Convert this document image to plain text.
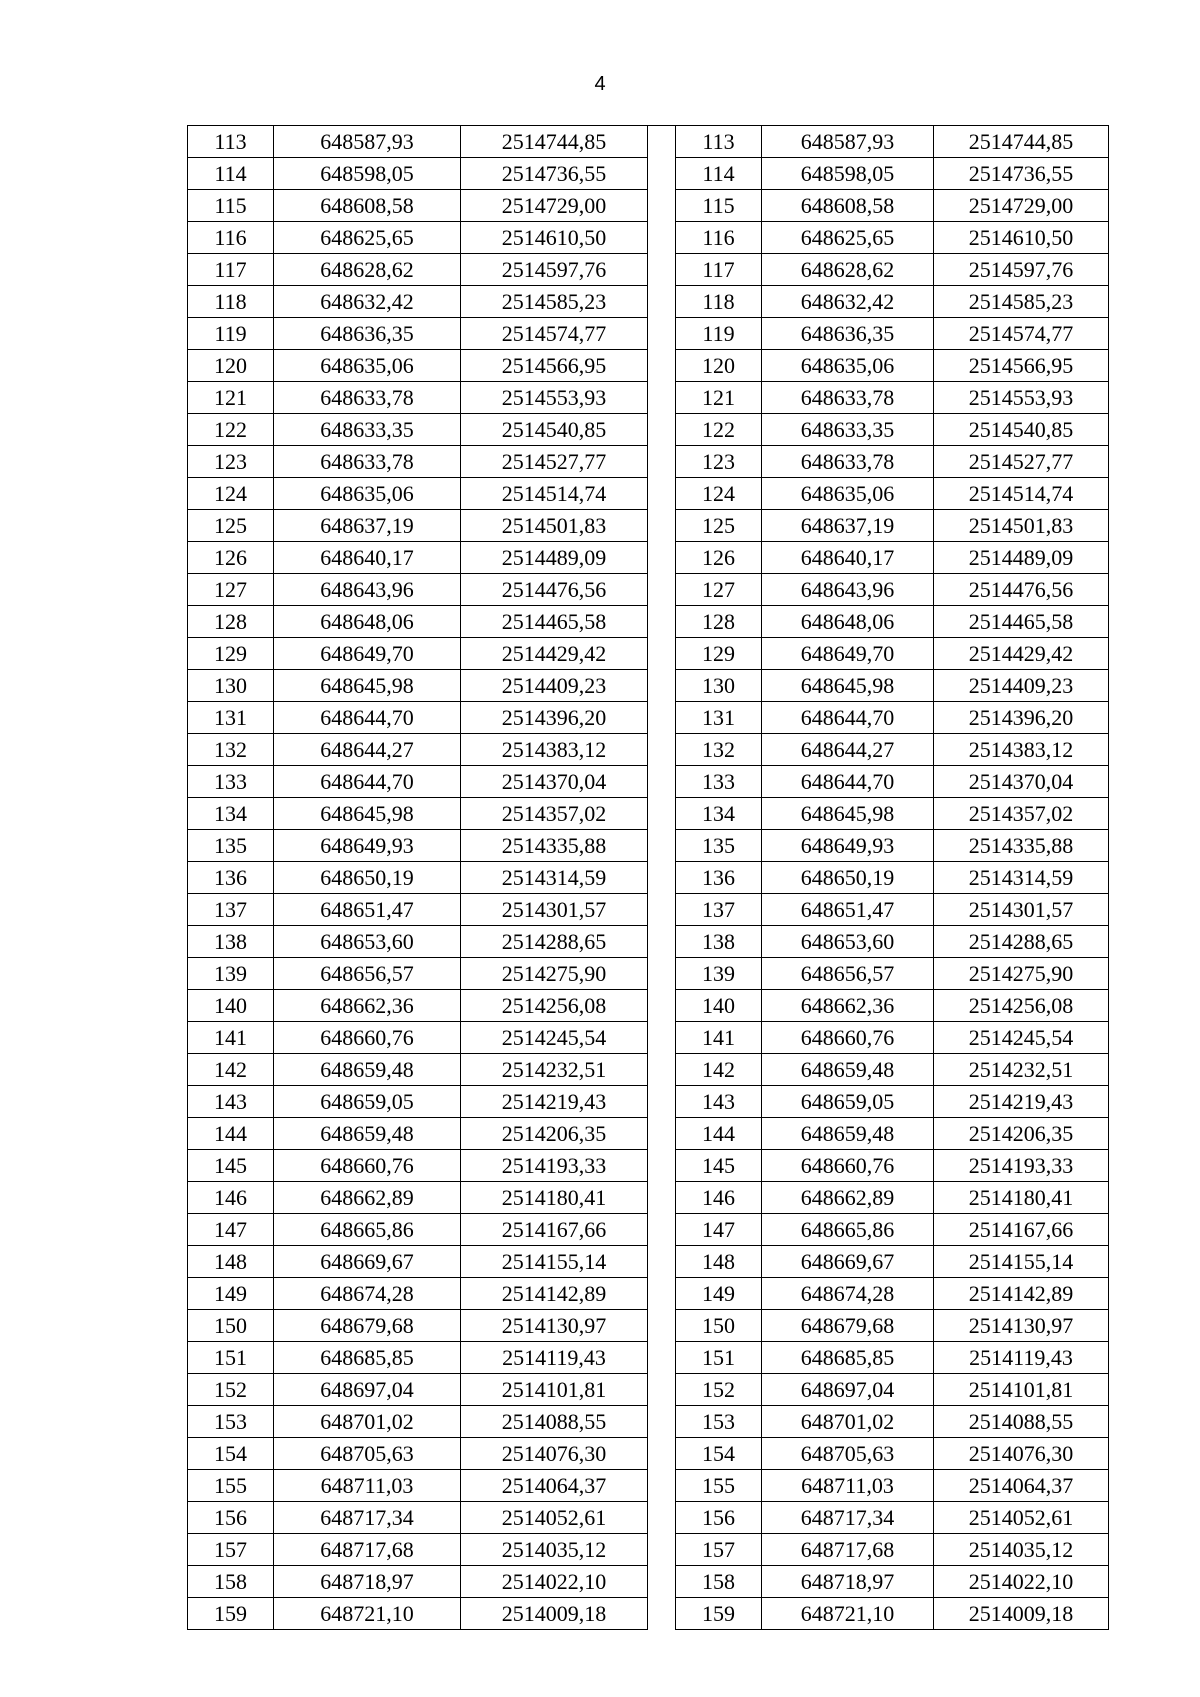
4
113	648587,93	2514744,85		113	648587,93	2514744,85
114	648598,05	2514736,55		114	648598,05	2514736,55
115	648608,58	2514729,00		115	648608,58	2514729,00
116	648625,65	2514610,50		116	648625,65	2514610,50
117	648628,62	2514597,76		117	648628,62	2514597,76
118	648632,42	2514585,23		118	648632,42	2514585,23
119	648636,35	2514574,77		119	648636,35	2514574,77
120	648635,06	2514566,95		120	648635,06	2514566,95
121	648633,78	2514553,93		121	648633,78	2514553,93
122	648633,35	2514540,85		122	648633,35	2514540,85
123	648633,78	2514527,77		123	648633,78	2514527,77
124	648635,06	2514514,74		124	648635,06	2514514,74
125	648637,19	2514501,83		125	648637,19	2514501,83
126	648640,17	2514489,09		126	648640,17	2514489,09
127	648643,96	2514476,56		127	648643,96	2514476,56
128	648648,06	2514465,58		128	648648,06	2514465,58
129	648649,70	2514429,42		129	648649,70	2514429,42
130	648645,98	2514409,23		130	648645,98	2514409,23
131	648644,70	2514396,20		131	648644,70	2514396,20
132	648644,27	2514383,12		132	648644,27	2514383,12
133	648644,70	2514370,04		133	648644,70	2514370,04
134	648645,98	2514357,02		134	648645,98	2514357,02
135	648649,93	2514335,88		135	648649,93	2514335,88
136	648650,19	2514314,59		136	648650,19	2514314,59
137	648651,47	2514301,57		137	648651,47	2514301,57
138	648653,60	2514288,65		138	648653,60	2514288,65
139	648656,57	2514275,90		139	648656,57	2514275,90
140	648662,36	2514256,08		140	648662,36	2514256,08
141	648660,76	2514245,54		141	648660,76	2514245,54
142	648659,48	2514232,51		142	648659,48	2514232,51
143	648659,05	2514219,43		143	648659,05	2514219,43
144	648659,48	2514206,35		144	648659,48	2514206,35
145	648660,76	2514193,33		145	648660,76	2514193,33
146	648662,89	2514180,41		146	648662,89	2514180,41
147	648665,86	2514167,66		147	648665,86	2514167,66
148	648669,67	2514155,14		148	648669,67	2514155,14
149	648674,28	2514142,89		149	648674,28	2514142,89
150	648679,68	2514130,97		150	648679,68	2514130,97
151	648685,85	2514119,43		151	648685,85	2514119,43
152	648697,04	2514101,81		152	648697,04	2514101,81
153	648701,02	2514088,55		153	648701,02	2514088,55
154	648705,63	2514076,30		154	648705,63	2514076,30
155	648711,03	2514064,37		155	648711,03	2514064,37
156	648717,34	2514052,61		156	648717,34	2514052,61
157	648717,68	2514035,12		157	648717,68	2514035,12
158	648718,97	2514022,10		158	648718,97	2514022,10
159	648721,10	2514009,18		159	648721,10	2514009,18
